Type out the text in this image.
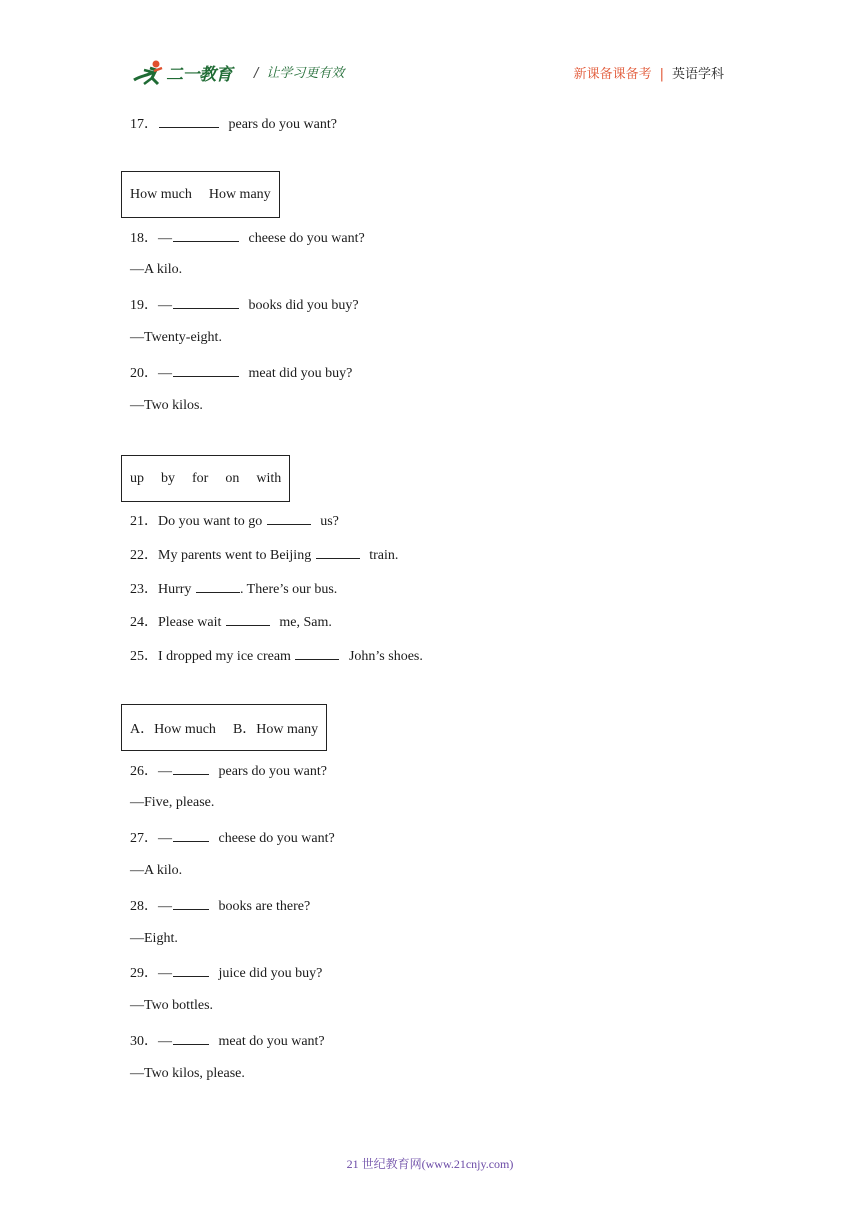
二一教育 / 让学习更有效	新课备课备考 | 英语学科
17．	pears do you want?
How much How many
18．—	cheese do you want?
—A kilo.
19．—	books did you buy?
—Twenty-eight.
20．—	meat did you buy?
—Two kilos.
up by for on with
21．Do you want to go	us?
22．My parents went to Beijing	train.
23．Hurry	. There’s our bus.
24．Please wait	me, Sam.
25．I dropped my ice cream	John’s shoes.
A．How much B．How many
26．—	pears do you want?
—Five, please.
27．—	cheese do you want?
—A kilo.
28．—	books are there?
—Eight.
29．—	juice did you buy?
—Two bottles.
30．—	meat do you want?
—Two kilos, please.
21 世纪教育网(www.21cnjy.com)
